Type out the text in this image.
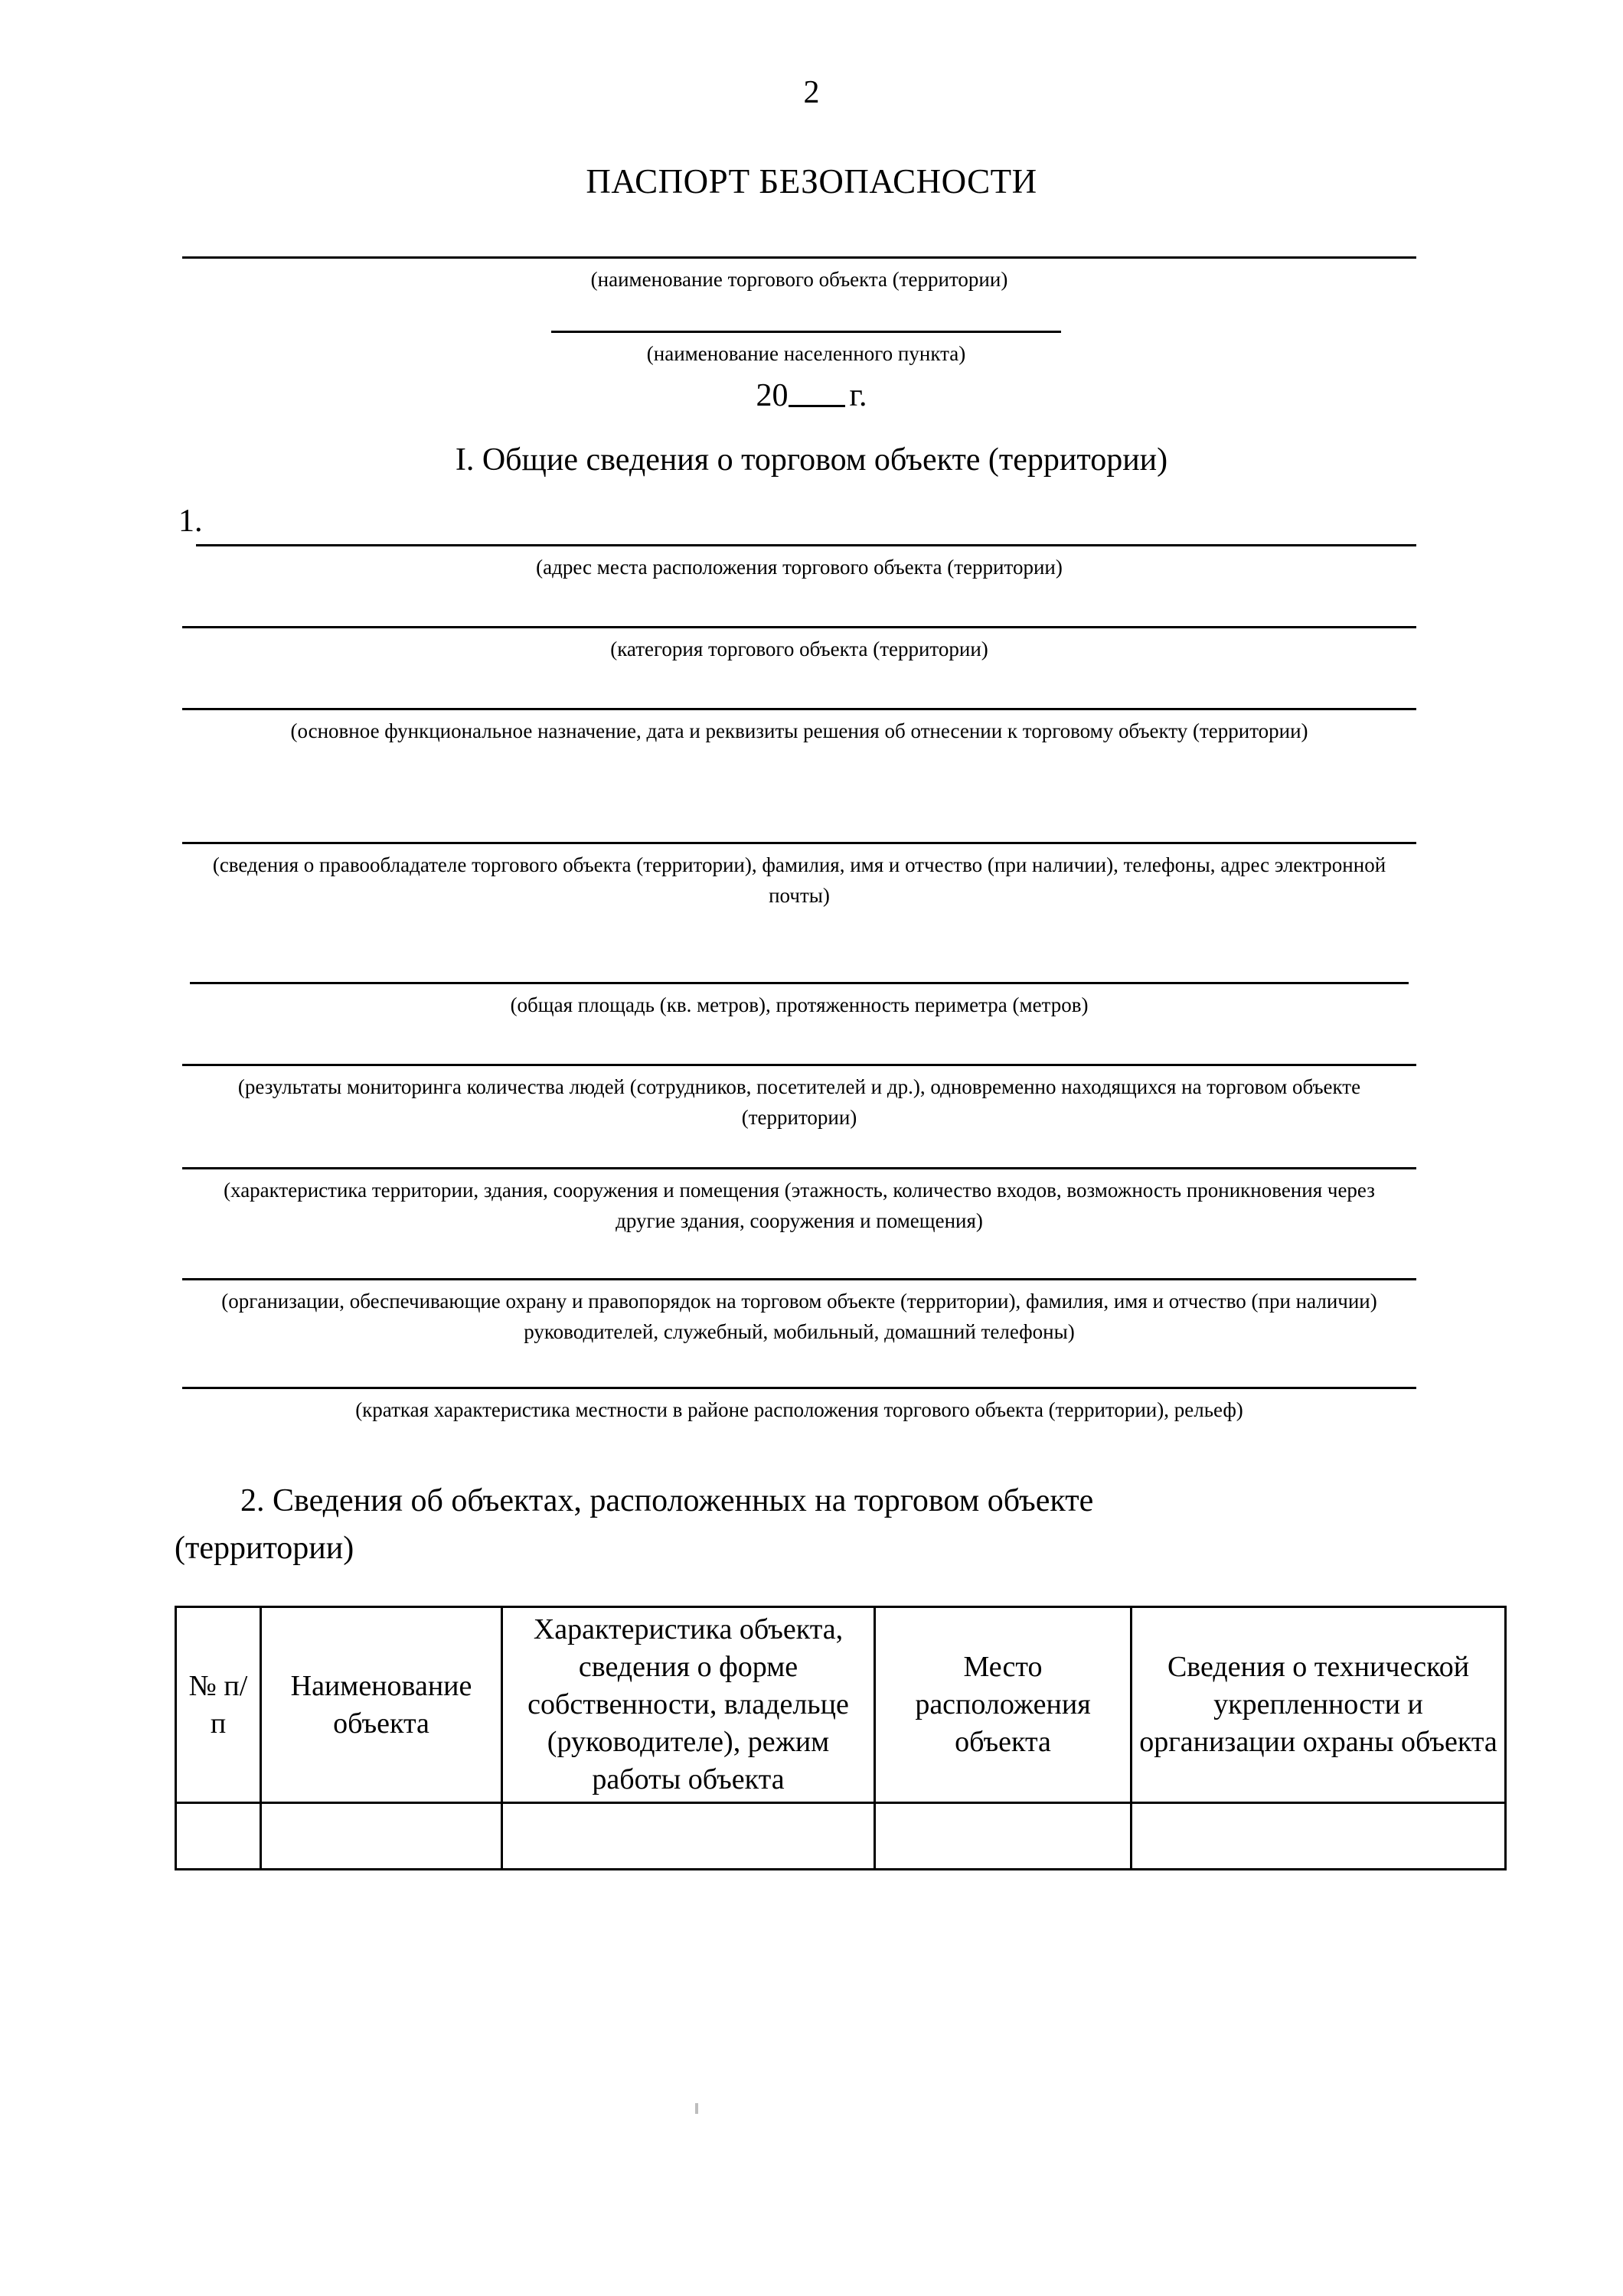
2
ПАСПОРТ БЕЗОПАСНОСТИ
(наименование торгового объекта (территории)
(наименование населенного пункта)
20 г.
I. Общие сведения о торговом объекте (территории)
1.
(адрес места расположения торгового объекта (территории)
(категория торгового объекта (территории)
(основное функциональное назначение, дата и реквизиты решения об отнесении к торговому объекту (территории)
(сведения о правообладателе торгового объекта (территории), фамилия, имя и отчество (при наличии), телефоны, адрес электронной почты)
(общая площадь (кв. метров), протяженность периметра (метров)
(результаты мониторинга количества людей (сотрудников, посетителей и др.), одновременно находящихся на торговом объекте (территории)
(характеристика территории, здания, сооружения и помещения (этажность, количество входов, возможность проникновения через другие здания, сооружения и помещения)
(организации, обеспечивающие охрану и правопорядок на торговом объекте (территории), фамилия, имя и отчество (при наличии) руководителей, служебный, мобильный, домашний телефоны)
(краткая характеристика местности в районе расположения торгового объекта (территории), рельеф)
2. Сведения об объектах, расположенных на торговом объекте
(территории)
№ п/п	Наименование объекта	Характеристика объекта, сведения о форме собственности, владельце (руководителе), режим работы объекта	Место расположения объекта	Сведения о технической укрепленности и организации охраны объекта
